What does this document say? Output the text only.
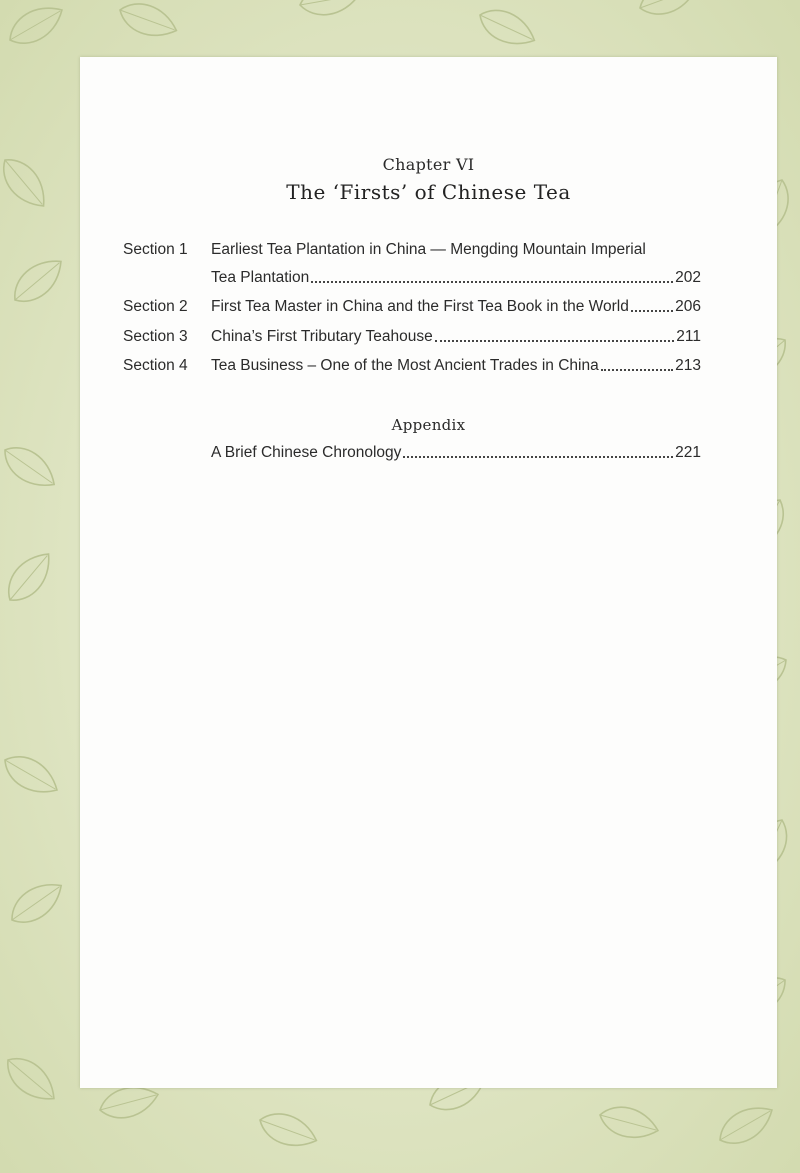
Chapter VI
The ‘Firsts’ of Chinese Tea
Section 1 Earliest Tea Plantation in China — Mengding Mountain Imperial
Tea Plantation	202
Section 2 First Tea Master in China and the First Tea Book in the World	206
Section 3 China’s First Tributary Teahouse	211
Section 4 Tea Business – One of the Most Ancient Trades in China	213
Appendix
A Brief Chinese Chronology	221
